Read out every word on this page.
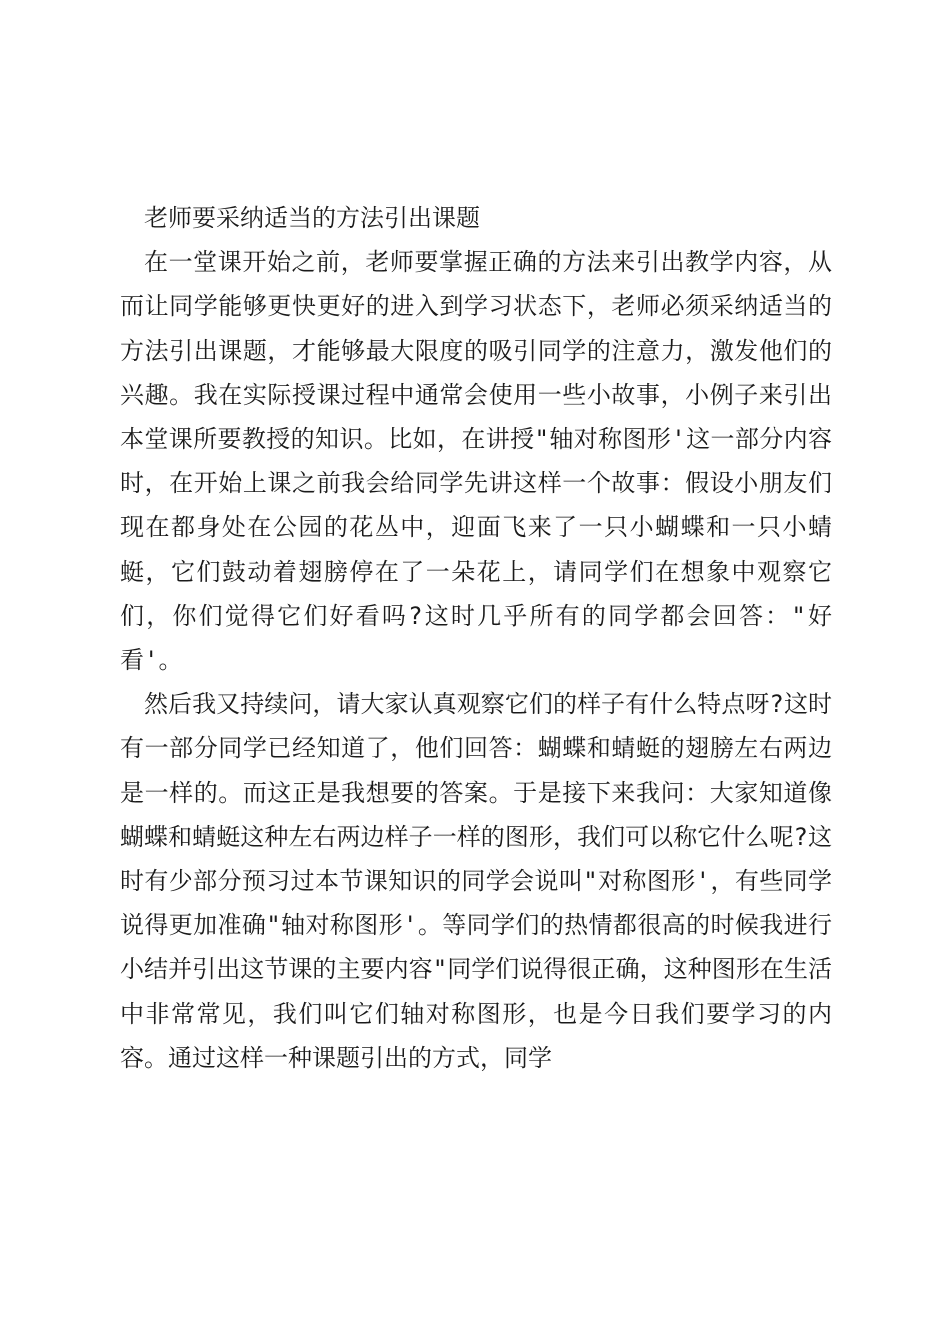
老师要采纳适当的方法引出课题

在一堂课开始之前，老师要掌握正确的方法来引出教学内容，从而让同学能够更快更好的进入到学习状态下，老师必须采纳适当的方法引出课题，才能够最大限度的吸引同学的注意力，激发他们的兴趣。我在实际授课过程中通常会使用一些小故事，小例子来引出本堂课所要教授的知识。比如，在讲授"轴对称图形'这一部分内容时，在开始上课之前我会给同学先讲这样一个故事：假设小朋友们现在都身处在公园的花丛中，迎面飞来了一只小蝴蝶和一只小蜻蜓，它们鼓动着翅膀停在了一朵花上，请同学们在想象中观察它们，你们觉得它们好看吗?这时几乎所有的同学都会回答："好看'。

然后我又持续问，请大家认真观察它们的样子有什么特点呀?这时有一部分同学已经知道了，他们回答：蝴蝶和蜻蜓的翅膀左右两边是一样的。而这正是我想要的答案。于是接下来我问：大家知道像蝴蝶和蜻蜓这种左右两边样子一样的图形，我们可以称它什么呢?这时有少部分预习过本节课知识的同学会说叫"对称图形'，有些同学说得更加准确"轴对称图形'。等同学们的热情都很高的时候我进行小结并引出这节课的主要内容"同学们说得很正确，这种图形在生活中非常常见，我们叫它们轴对称图形，也是今日我们要学习的内容。通过这样一种课题引出的方式，同学
